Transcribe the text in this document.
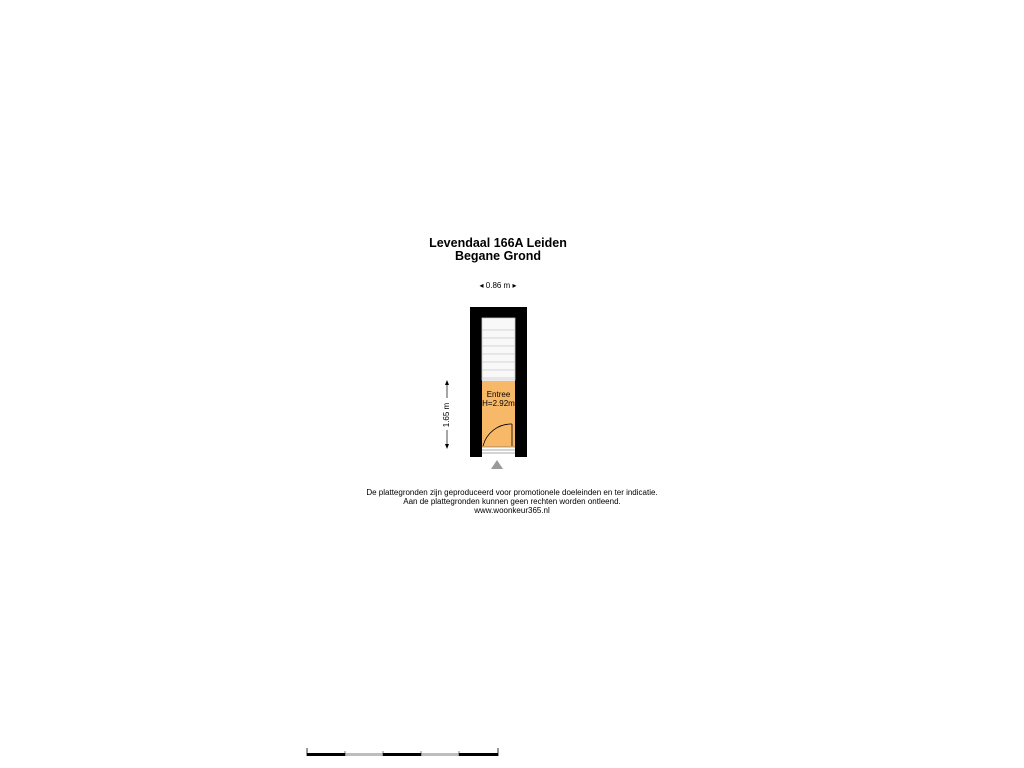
Levendaal 166A Leiden
Begane Grond
◂ 0.86 m ▸
1.65 m
Entree
H=2.92m
De plattegronden zijn geproduceerd voor promotionele doeleinden en ter indicatie.
Aan de plattegronden kunnen geen rechten worden ontleend.
www.woonkeur365.nl
